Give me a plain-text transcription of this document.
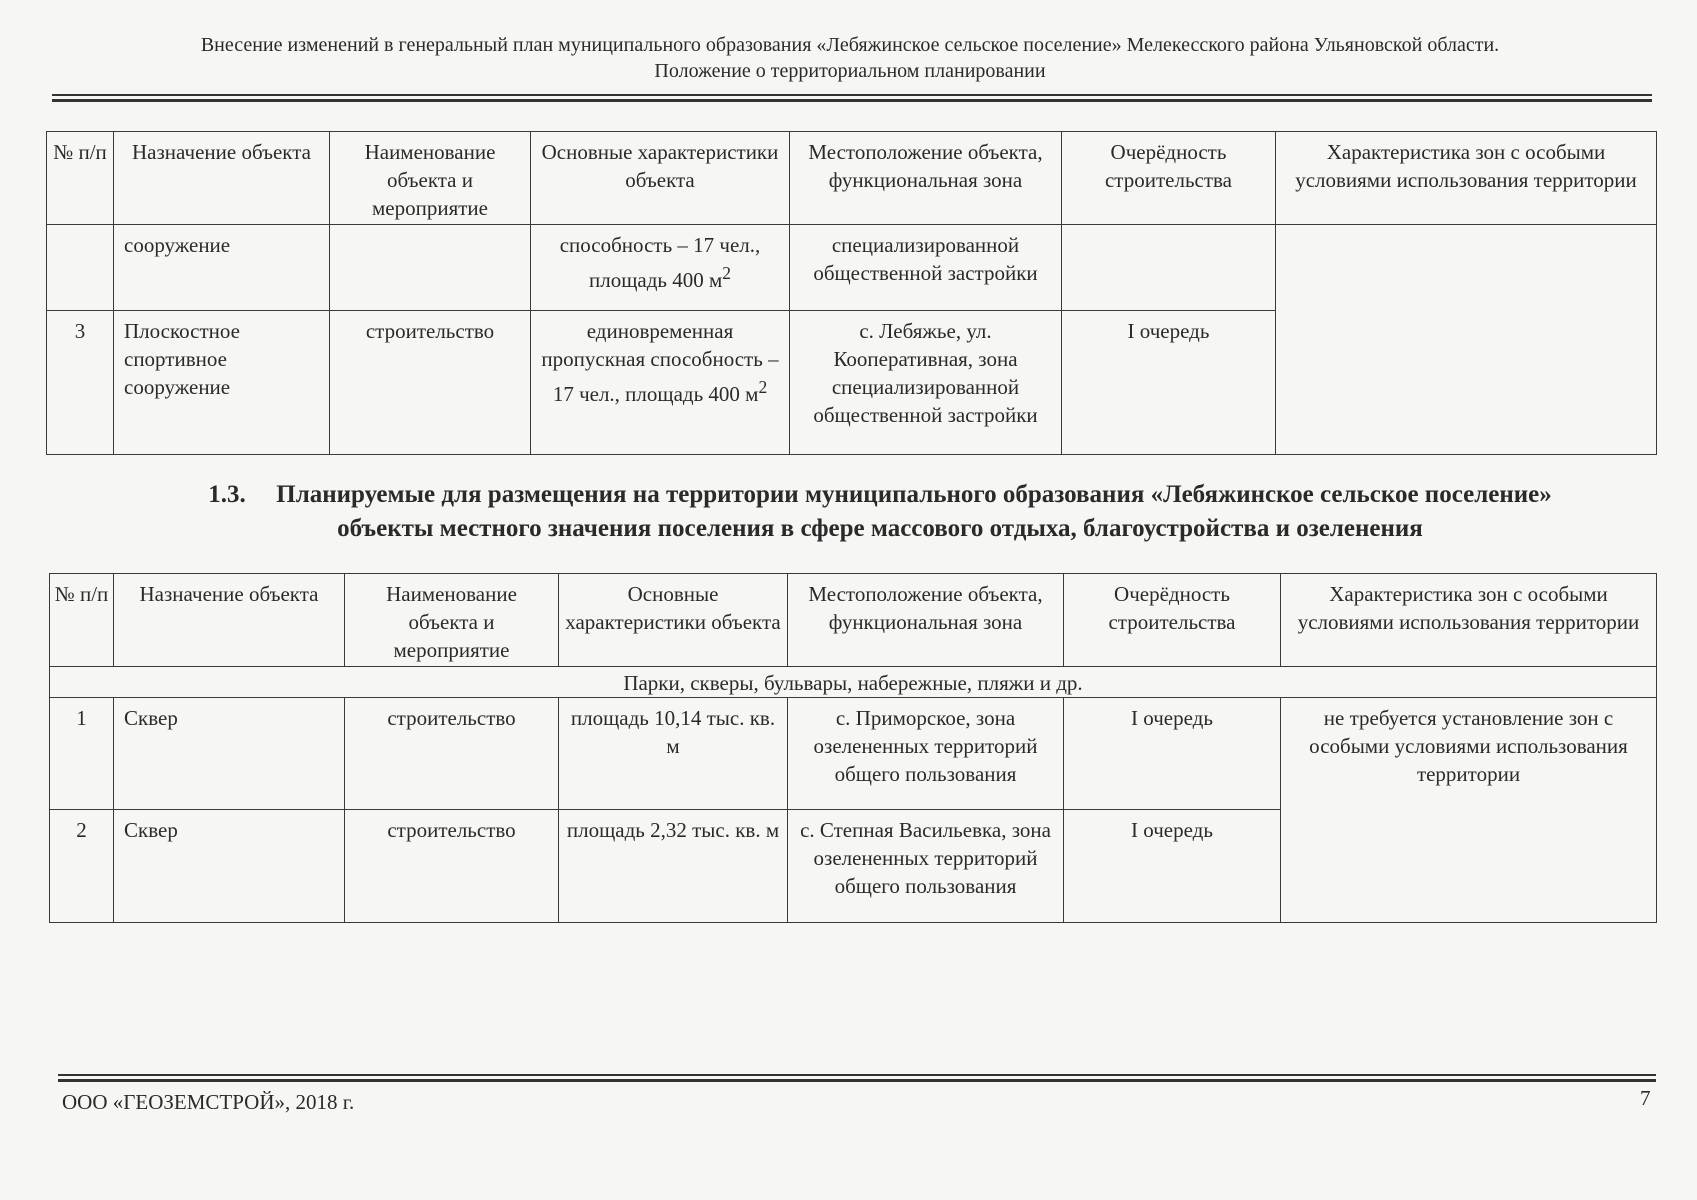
Внесение изменений в генеральный план муниципального образования «Лебяжинское сельское поселение» Мелекесского района Ульяновской области.
Положение о территориальном планировании
№ п/п	Назначение объекта	Наименование объекта и мероприятие	Основные характеристики объекта	Местоположение объекта, функциональная зона	Очерёдность строительства	Характеристика зон с особыми условиями использования территории
	сооружение		способность – 17 чел., площадь 400 $м^2$	специализированной общественной застройки		
3	Плоскостное спортивное сооружение	строительство	единовременная пропускная способность – 17 чел., площадь 400 $м^2$	с. Лебяжье, ул. Кооперативная, зона специализированной общественной застройки	I очередь	
1.3. Планируемые для размещения на территории муниципального образования «Лебяжинское сельское поселение»
объекты местного значения поселения в сфере массового отдыха, благоустройства и озеленения
№ п/п	Назначение объекта	Наименование объекта и мероприятие	Основные характеристики объекта	Местоположение объекта, функциональная зона	Очерёдность строительства	Характеристика зон с особыми условиями использования территории
Парки, скверы, бульвары, набережные, пляжи и др.						
1	Сквер	строительство	площадь 10,14 тыс. кв. м	с. Приморское, зона озелененных территорий общего пользования	I очередь	не требуется установление зон с особыми условиями использования территории
2	Сквер	строительство	площадь 2,32 тыс. кв. м	с. Степная Васильевка, зона озелененных территорий общего пользования	I очередь	
ООО «ГЕОЗЕМСТРОЙ», 2018 г.	7
